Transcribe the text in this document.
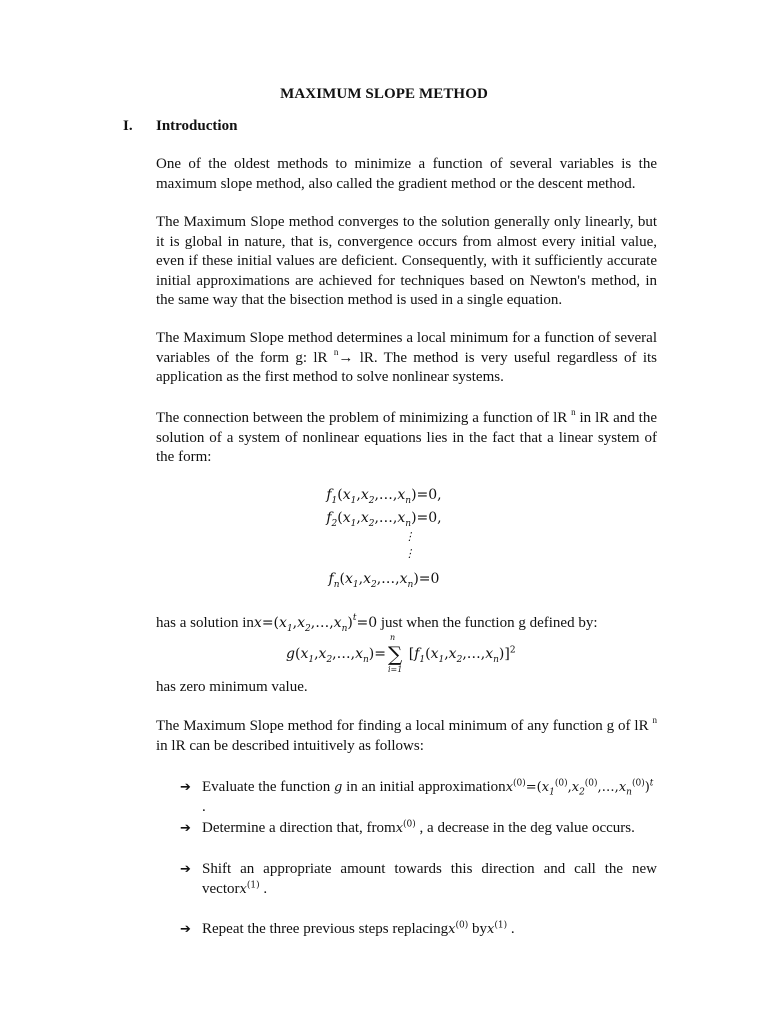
MAXIMUM SLOPE METHOD
I. Introduction
One of the oldest methods to minimize a function of several variables is the maximum slope method, also called the gradient method or the descent method.
The Maximum Slope method converges to the solution generally only linearly, but it is global in nature, that is, convergence occurs from almost every initial value, even if these initial values are deficient. Consequently, with it sufficiently accurate initial approximations are achieved for techniques based on Newton's method, in the same way that the bisection method is used in a single equation.
The Maximum Slope method determines a local minimum for a function of several variables of the form g: lR $^n$→ lR. The method is very useful regardless of its application as the first method to solve nonlinear systems.
The connection between the problem of minimizing a function of lR $^n$ in lR and the solution of a system of nonlinear equations lies in the fact that a linear system of the form:
$f_1(x_1,x_2,\dots,x_n)=0$,
$f_2(x_1,x_2,\dots,x_n)=0$,
⋮
⋮
$f_n(x_1,x_2,\dots,x_n)=0$
has a solution $inx=(x_1,x_2,\dots,x_n)^t=0$ just when the function g defined by:
$g(x_1,x_2,\dots,x_n)=$ ∑
n
i=1
$[f_1(x_1,x_2,\dots,x_n)]^2$
has zero minimum value.
The Maximum Slope method for finding a local minimum of any function g of lR $^n$ in lR can be described intuitively as follows:
➔ Evaluate the function g in an initial $approximationx^{(0)}=(x_1^{(0)},x_2^{(0)},\dots,x_n^{(0)})^t$
.
➔ Determine a direction that, fromx$^{(0)}$ , a decrease in the deg value occurs.
➔ Shift an appropriate amount towards this direction and call the new vectorx$^{(1)}$ .
➔ Repeat the three previous steps replacingx$^{(0)}$ byx$^{(1)}$ .
